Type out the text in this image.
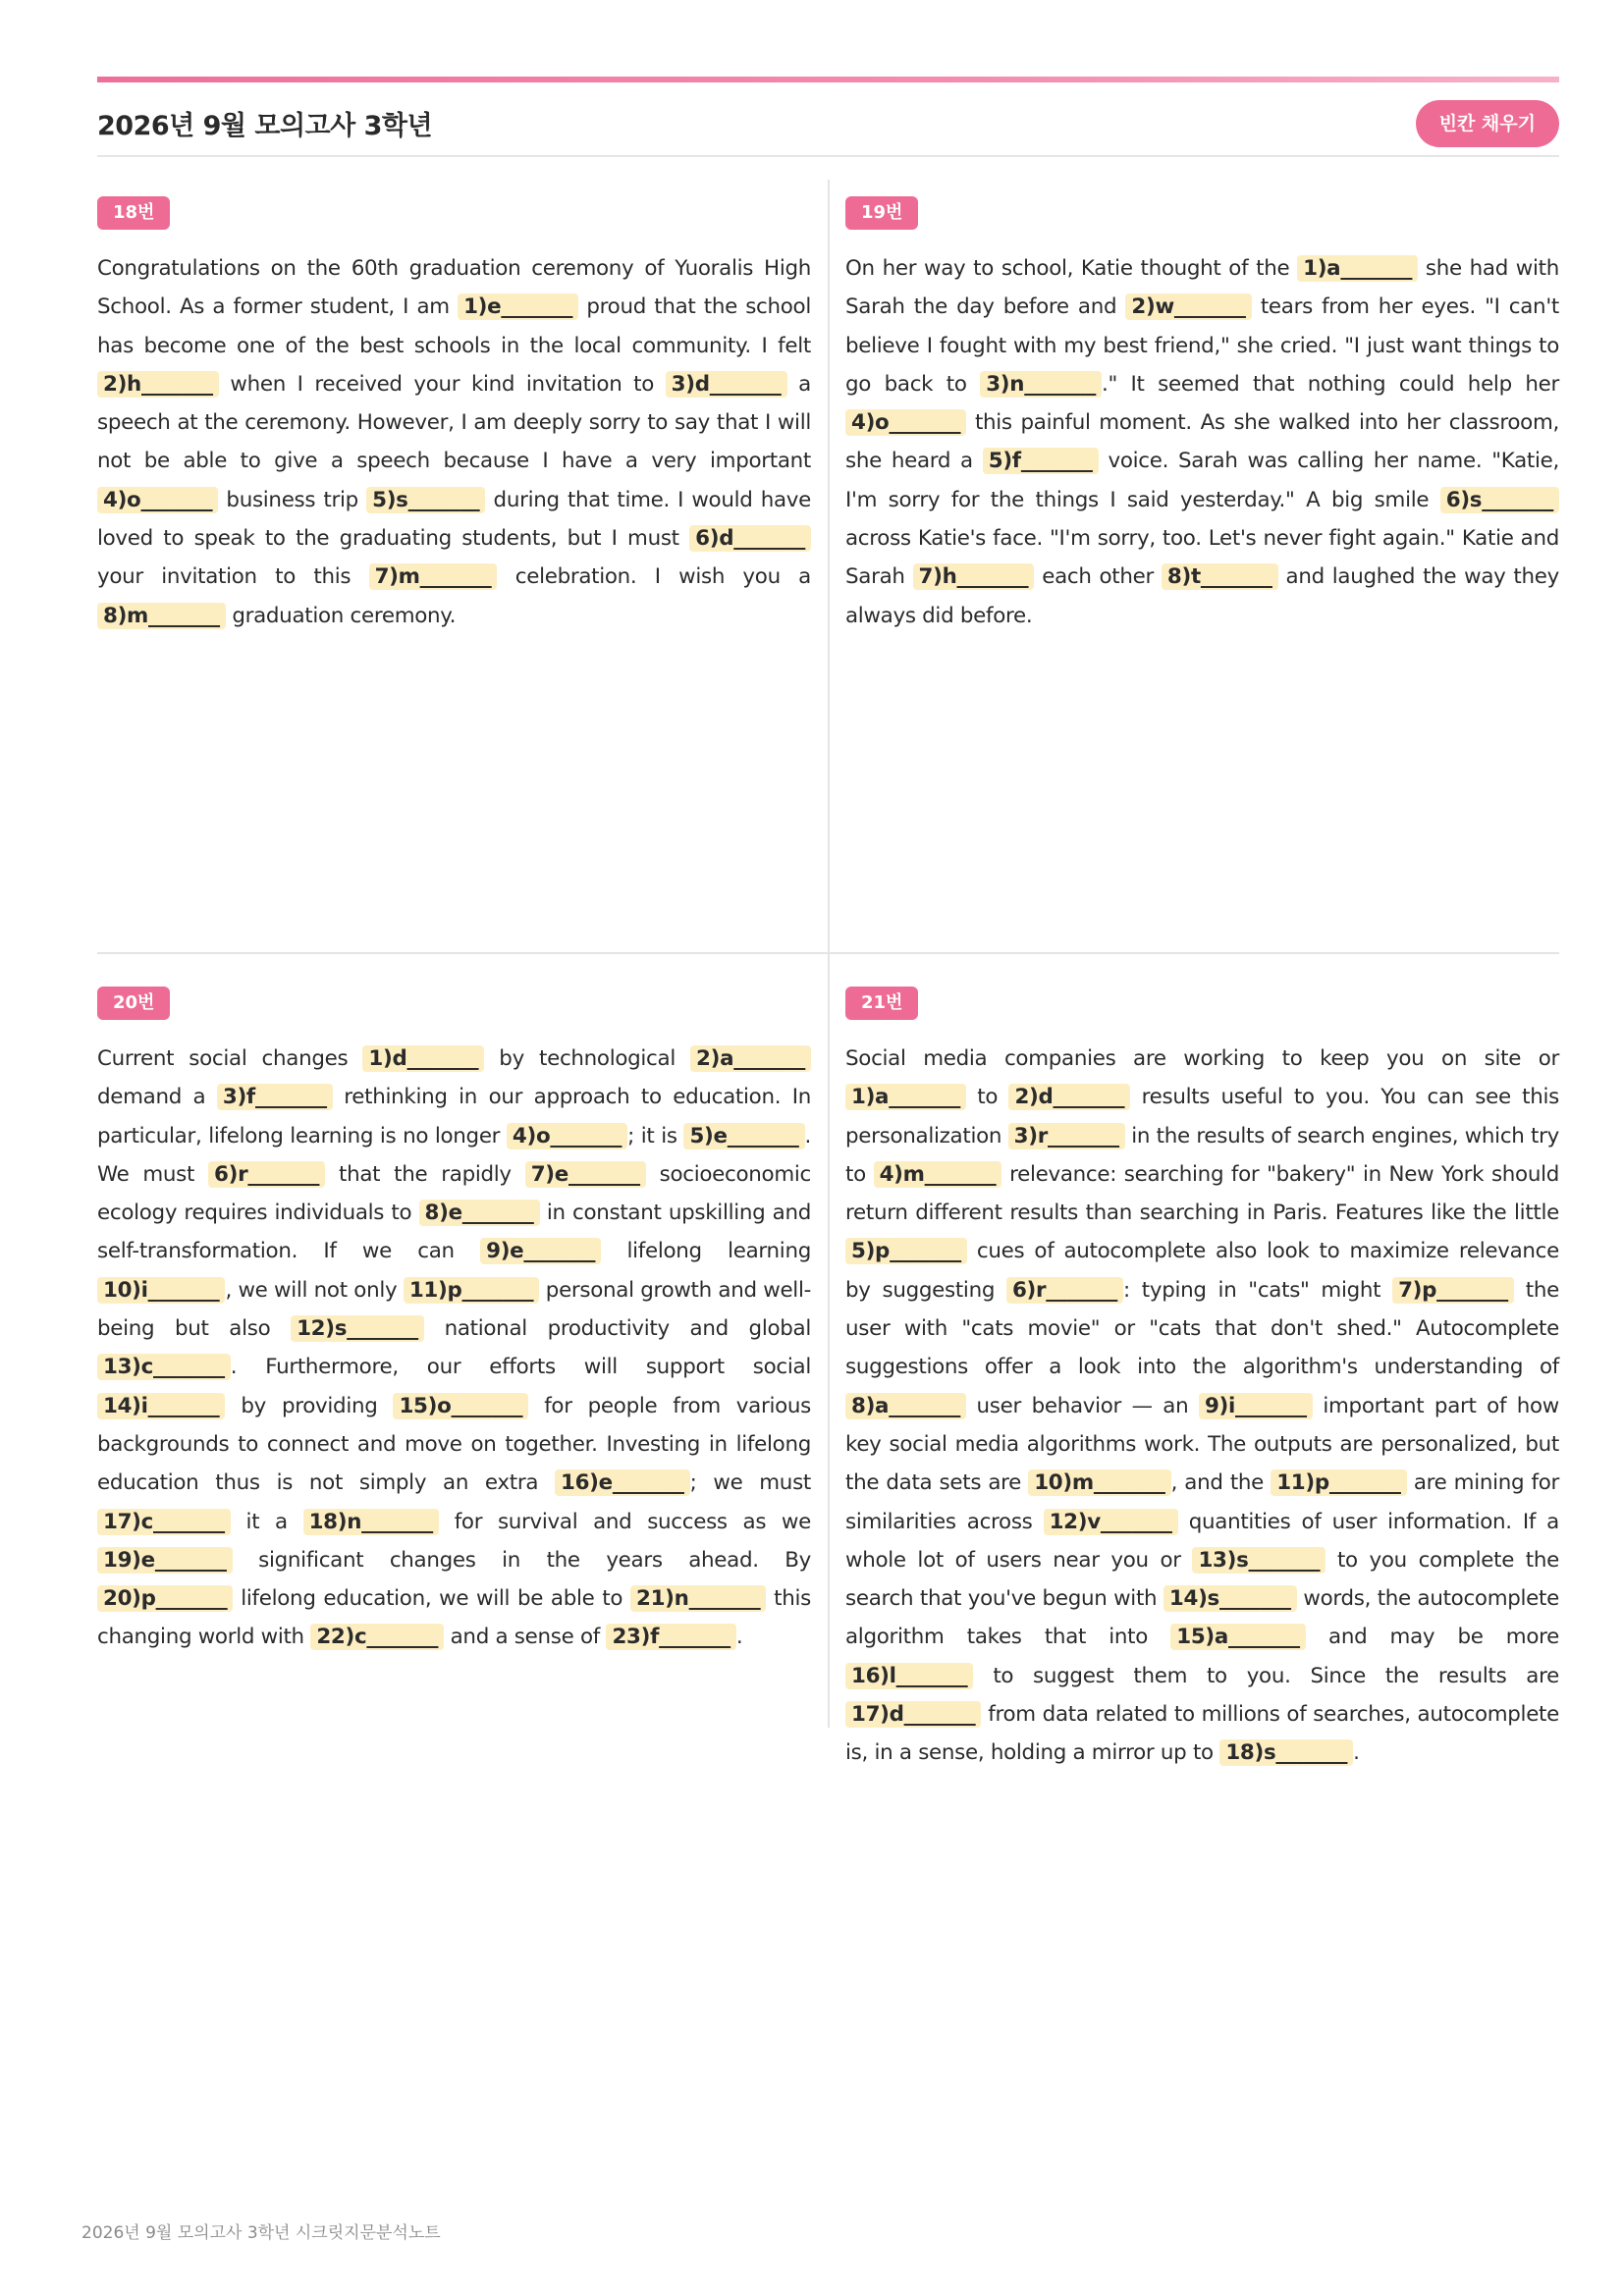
2026년 9월 모의고사 3학년	빈칸 채우기
18번
Congratulations on the 60th graduation ceremony of Yuoralis High School. As a former student, I am 1)e_______ proud that the school has become one of the best schools in the local community. I felt 2)h_______ when I received your kind invitation to 3)d_______ a speech at the ceremony. However, I am deeply sorry to say that I will not be able to give a speech because I have a very important 4)o_______ business trip 5)s_______ during that time. I would have loved to speak to the graduating students, but I must 6)d_______ your invitation to this 7)m_______ celebration. I wish you a 8)m_______ graduation ceremony.
19번
On her way to school, Katie thought of the 1)a_______ she had with Sarah the day before and 2)w_______ tears from her eyes. "I can't believe I fought with my best friend," she cried. "I just want things to go back to 3)n_______ ." It seemed that nothing could help her 4)o_______ this painful moment. As she walked into her classroom, she heard a 5)f_______ voice. Sarah was calling her name. "Katie, I'm sorry for the things I said yesterday." A big smile 6)s_______ across Katie's face. "I'm sorry, too. Let's never fight again." Katie and Sarah 7)h_______ each other 8)t_______ and laughed the way they always did before.
20번
Current social changes 1)d_______ by technological 2)a_______ demand a 3)f_______ rethinking in our approach to education. In particular, lifelong learning is no longer 4)o_______ ; it is 5)e_______ . We must 6)r_______ that the rapidly 7)e_______ socioeconomic ecology requires individuals to 8)e_______ in constant upskilling and self-transformation. If we can 9)e_______ lifelong learning 10)i_______ , we will not only 11)p_______ personal growth and well-being but also 12)s_______ national productivity and global 13)c_______ . Furthermore, our efforts will support social 14)i_______ by providing 15)o_______ for people from various backgrounds to connect and move on together. Investing in lifelong education thus is not simply an extra 16)e_______ ; we must 17)c_______ it a 18)n_______ for survival and success as we 19)e_______ significant changes in the years ahead. By 20)p_______ lifelong education, we will be able to 21)n_______ this changing world with 22)c_______ and a sense of 23)f_______ .
21번
Social media companies are working to keep you on site or 1)a_______ to 2)d_______ results useful to you. You can see this personalization 3)r_______ in the results of search engines, which try to 4)m_______ relevance: searching for "bakery" in New York should return different results than searching in Paris. Features like the little 5)p_______ cues of autocomplete also look to maximize relevance by suggesting 6)r_______ : typing in "cats" might 7)p_______ the user with "cats movie" or "cats that don't shed." Autocomplete suggestions offer a look into the algorithm's understanding of 8)a_______ user behavior — an 9)i_______ important part of how key social media algorithms work. The outputs are personalized, but the data sets are 10)m_______ , and the 11)p_______ are mining for similarities across 12)v_______ quantities of user information. If a whole lot of users near you or 13)s_______ to you complete the search that you've begun with 14)s_______ words, the autocomplete algorithm takes that into 15)a_______ and may be more 16)l_______ to suggest them to you. Since the results are 17)d_______ from data related to millions of searches, autocomplete is, in a sense, holding a mirror up to 18)s_______ .
2026년 9월 모의고사 3학년 시크릿지문분석노트
